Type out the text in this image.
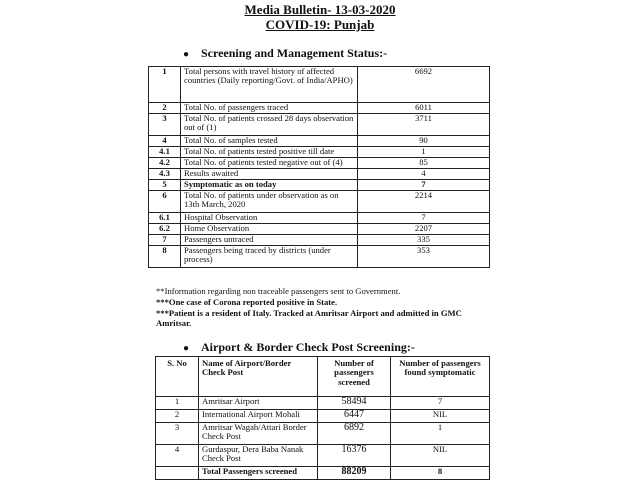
Media Bulletin- 13-03-2020
COVID-19: Punjab
● Screening and Management Status:-
1	Total persons with travel history of affected countries (Daily reporting/Govt. of India/APHO)	6692
2	Total No. of passengers traced	6011
3	Total No. of patients crossed 28 days observation out of (1)	3711
4	Total No. of samples tested	90
4.1	Total No. of patients tested positive till date	1
4.2	Total No. of patients tested negative out of (4)	85
4.3	Results awaited	4
5	Symptomatic as on today	7
6	Total No. of patients under observation as on 13th March, 2020	2214
6.1	Hospital Observation	7
6.2	Home Observation	2207
7	Passengers untraced	335
8	Passengers being traced by districts (under process)	353
**Information regarding non traceable passengers sent to Government.
***One case of Corona reported positive in State.
***Patient is a resident of Italy. Tracked at Amritsar Airport and admitted in GMC Amritsar.
● Airport & Border Check Post Screening:-
S. No	Name of Airport/Border Check Post	Number of passengers screened	Number of passengers found symptomatic
1	Amritsar Airport	58494	7
2	International Airport Mohali	6447	NIL
3	Amritsar Wagah/Attari Border Check Post	6892	1
4	Gurdaspur, Dera Baba Nanak Check Post	16376	NIL
	Total Passengers screened	88209	8
